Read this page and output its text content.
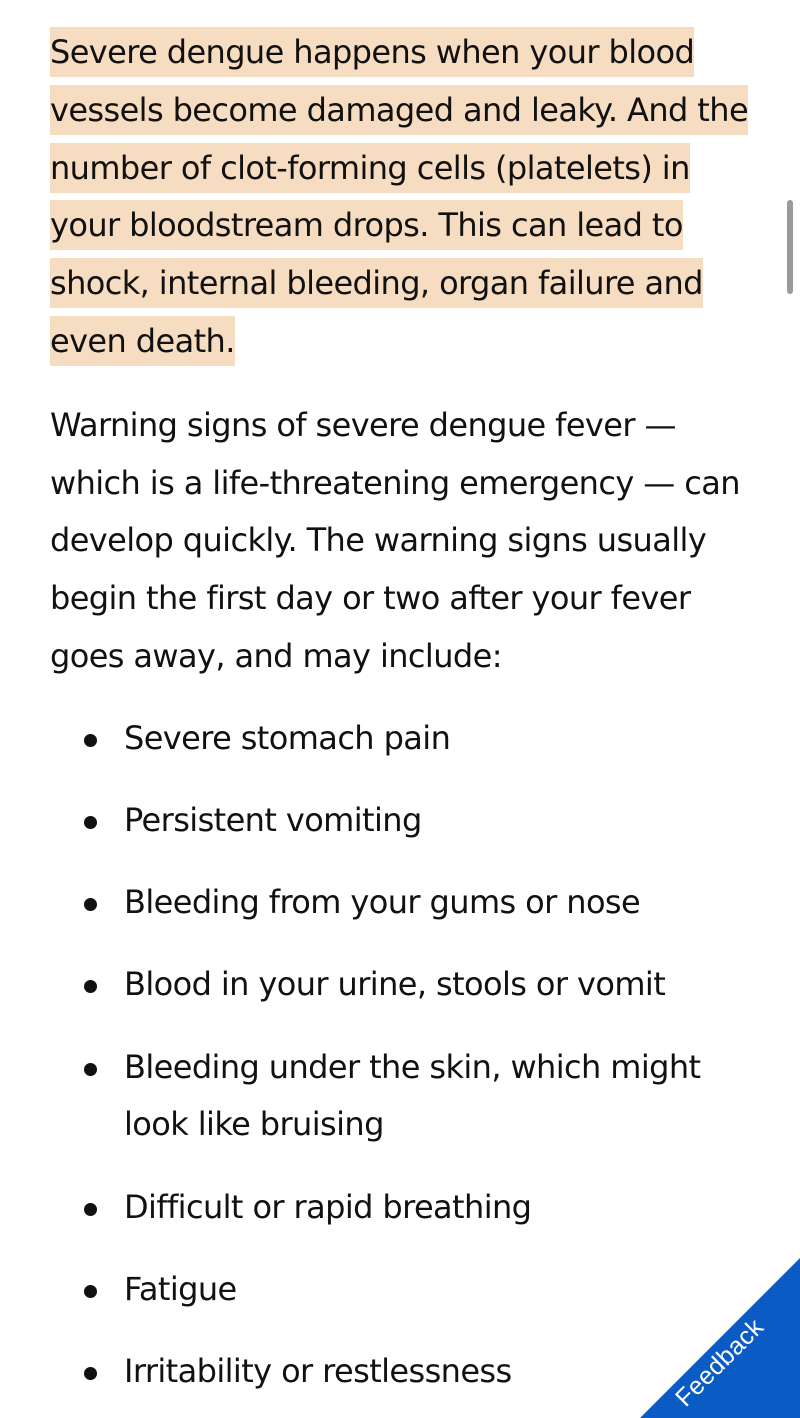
Severe dengue happens when your blood vessels become damaged and leaky. And the number of clot-forming cells (platelets) in your bloodstream drops. This can lead to shock, internal bleeding, organ failure and even death.

Warning signs of severe dengue fever — which is a life-threatening emergency — can develop quickly. The warning signs usually begin the first day or two after your fever goes away, and may include:

Severe stomach pain
Persistent vomiting
Bleeding from your gums or nose
Blood in your urine, stools or vomit
Bleeding under the skin, which might look like bruising
Difficult or rapid breathing
Fatigue
Irritability or restlessness	Feedback
